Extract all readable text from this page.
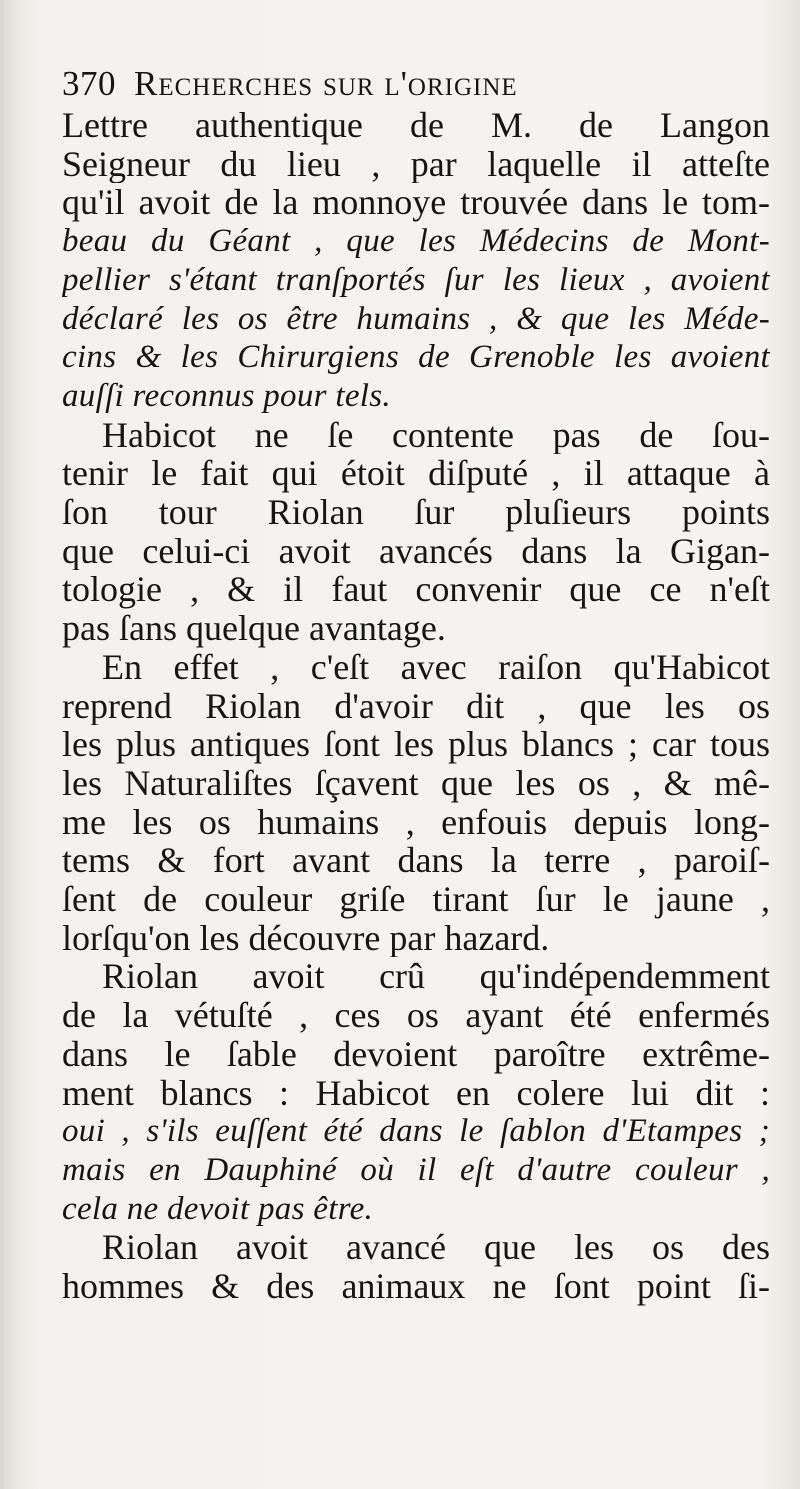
370 Recherches sur l'origine
Lettre authentique de M. de Langon
Seigneur du lieu , par laquelle il atteſte
qu'il avoit de la monnoye trouvée dans le tom-
beau du Géant , que les Médecins de Mont-
pellier s'étant tranſportés ſur les lieux , avoient
déclaré les os être humains , & que les Méde-
cins & les Chirurgiens de Grenoble les avoient
auſſi reconnus pour tels.
Habicot ne ſe contente pas de ſou-
tenir le fait qui étoit diſputé , il attaque à
ſon tour Riolan ſur pluſieurs points
que celui-ci avoit avancés dans la Gigan-
tologie , & il faut convenir que ce n'eſt
pas ſans quelque avantage.
En effet , c'eſt avec raiſon qu'Habicot
reprend Riolan d'avoir dit , que les os
les plus antiques ſont les plus blancs ; car tous
les Naturaliſtes ſçavent que les os , & mê-
me les os humains , enfouis depuis long-
tems & fort avant dans la terre , paroiſ-
ſent de couleur griſe tirant ſur le jaune ,
lorſqu'on les découvre par hazard.
Riolan avoit crû qu'indépendemment
de la vétuſté , ces os ayant été enfermés
dans le ſable devoient paroître extrême-
ment blancs : Habicot en colere lui dit :
oui , s'ils euſſent été dans le ſablon d'Etampes ;
mais en Dauphiné où il eſt d'autre couleur ,
cela ne devoit pas être.
Riolan avoit avancé que les os des
hommes & des animaux ne ſont point ſi-
